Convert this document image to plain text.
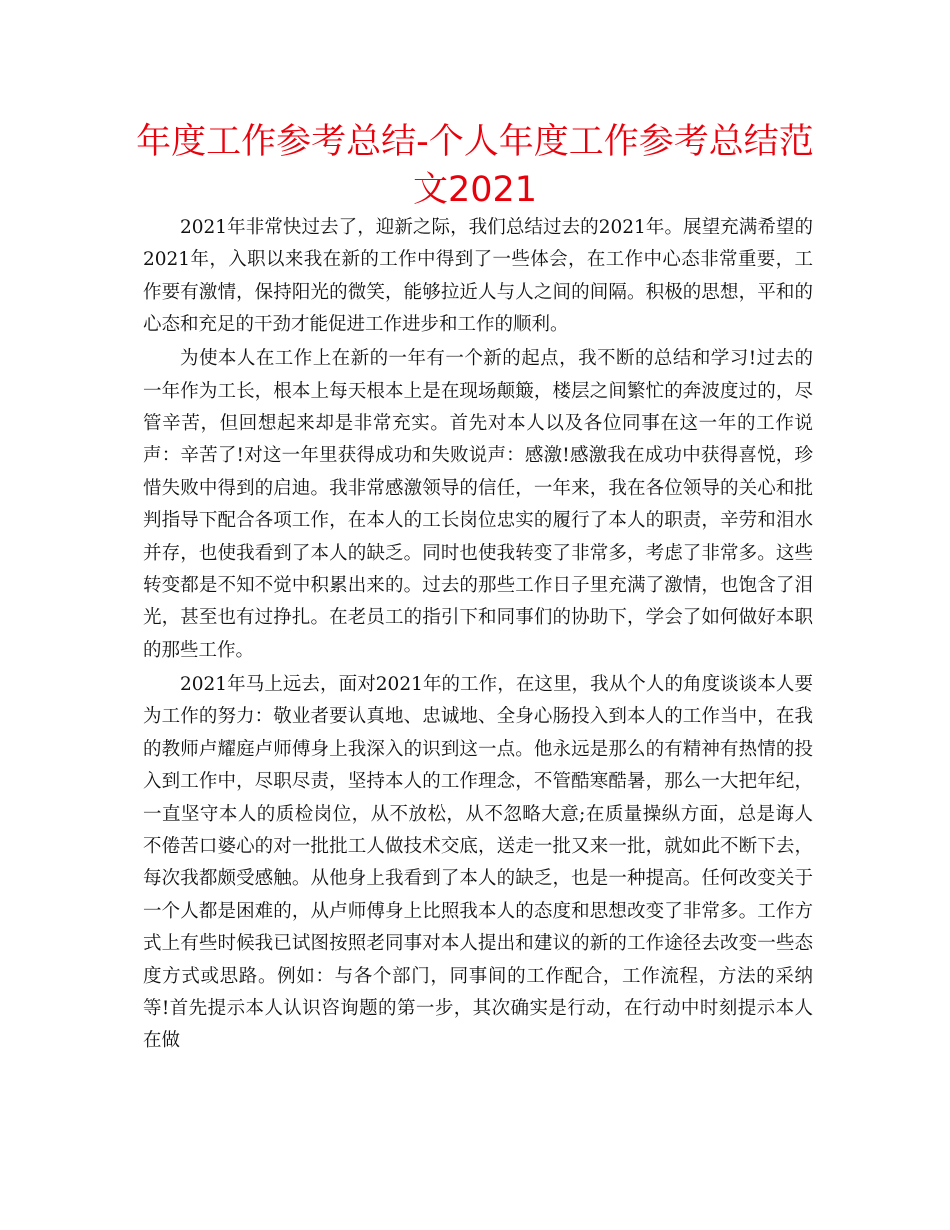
年度工作参考总结-个人年度工作参考总结范文2021

2021年非常快过去了，迎新之际，我们总结过去的2021年。展望充满希望的2021年，入职以来我在新的工作中得到了一些体会，在工作中心态非常重要，工作要有激情，保持阳光的微笑，能够拉近人与人之间的间隔。积极的思想，平和的心态和充足的干劲才能促进工作进步和工作的顺利。

为使本人在工作上在新的一年有一个新的起点，我不断的总结和学习!过去的一年作为工长，根本上每天根本上是在现场颠簸，楼层之间繁忙的奔波度过的，尽管辛苦，但回想起来却是非常充实。首先对本人以及各位同事在这一年的工作说声：辛苦了!对这一年里获得成功和失败说声：感激!感激我在成功中获得喜悦，珍惜失败中得到的启迪。我非常感激领导的信任，一年来，我在各位领导的关心和批判指导下配合各项工作，在本人的工长岗位忠实的履行了本人的职责，辛劳和泪水并存，也使我看到了本人的缺乏。同时也使我转变了非常多，考虑了非常多。这些转变都是不知不觉中积累出来的。过去的那些工作日子里充满了激情，也饱含了泪光，甚至也有过挣扎。在老员工的指引下和同事们的协助下，学会了如何做好本职的那些工作。

2021年马上远去，面对2021年的工作，在这里，我从个人的角度谈谈本人要为工作的努力：敬业者要认真地、忠诚地、全身心肠投入到本人的工作当中，在我的教师卢耀庭卢师傅身上我深入的识到这一点。他永远是那么的有精神有热情的投入到工作中，尽职尽责，坚持本人的工作理念，不管酷寒酷暑，那么一大把年纪，一直坚守本人的质检岗位，从不放松，从不忽略大意;在质量操纵方面，总是诲人不倦苦口婆心的对一批批工人做技术交底，送走一批又来一批，就如此不断下去，每次我都颇受感触。从他身上我看到了本人的缺乏，也是一种提高。任何改变关于一个人都是困难的，从卢师傅身上比照我本人的态度和思想改变了非常多。工作方式上有些时候我已试图按照老同事对本人提出和建议的新的工作途径去改变一些态度方式或思路。例如：与各个部门，同事间的工作配合，工作流程，方法的采纳等!首先提示本人认识咨询题的第一步，其次确实是行动，在行动中时刻提示本人在做
